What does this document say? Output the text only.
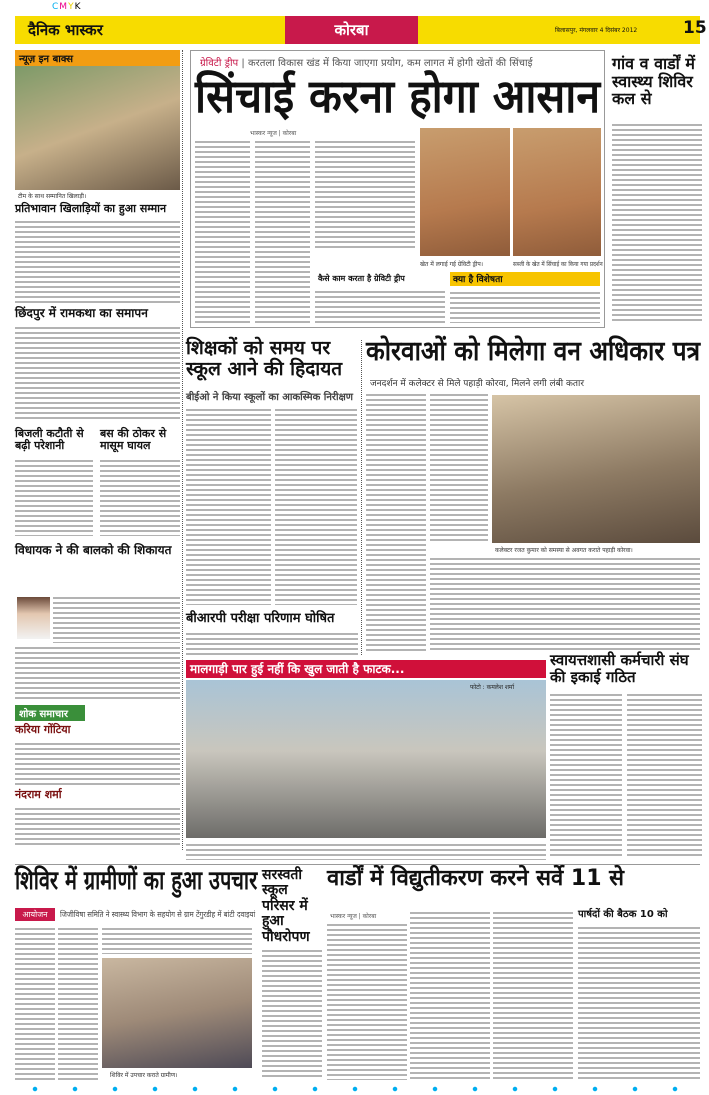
CMYK
दैनिक भास्कर	कोरबा	बिलासपुर, मंगलवार 4 दिसंबर 2012	15
न्यूज़ इन बाक्स
टीम के साथ सम्मानित खिलाड़ी।
प्रतिभावान खिलाड़ियों का हुआ सम्मान
छिंदपुर में रामकथा का समापन
बिजली कटौती से बढ़ी परेशानी
बस की ठोकर से मासूम घायल
विधायक ने की बालको की शिकायत
शोक समाचार
करिया गोंटिया
नंदराम शर्मा
ग्रेविटी ड्रीप | करतला विकास खंड में किया जाएगा प्रयोग, कम लागत में होगी खेतों की सिंचाई
सिंचाई करना होगा आसान
भास्कर न्यूज | कोरबा
खेत में लगाई गई ग्रेविटी ड्रीप।	सब्जी के खेत में सिंचाई का किया गया प्रदर्शन
कैसे काम करता है ग्रेविटी ड्रीप	क्या है विशेषता
गांव व वार्डों में स्वास्थ्य शिविर कल से
शिक्षकों को समय पर स्कूल आने की हिदायत
बीईओ ने किया स्कूलों का आकस्मिक निरीक्षण
बीआरपी परीक्षा परिणाम घोषित
कोरवाओं को मिलेगा वन अधिकार पत्र
जनदर्शन में कलेक्टर से मिले पहाड़ी कोरवा, मिलने लगी लंबी कतार
कलेक्टर रजत कुमार को समस्या से अवगत कराते पहाड़ी कोरवा।
मालगाड़ी पार हुई नहीं कि खुल जाती है फाटक...
फोटो : कमलेश शर्मा
स्वायत्तशासी कर्मचारी संघ की इकाई गठित
शिविर में ग्रामीणों का हुआ उपचार
आयोजन	जिजीविषा समिति ने स्वास्थ्य विभाग के सहयोग से ग्राम टेंगुरडीह में बांटी दवाइयां
शिविर में उपचार कराते ग्रामीण।
सरस्वती स्कूल परिसर में हुआ पौधरोपण
वार्डों में विद्युतीकरण करने सर्वे 11 से
भास्कर न्यूज | कोरबा	पार्षदों की बैठक 10 को
